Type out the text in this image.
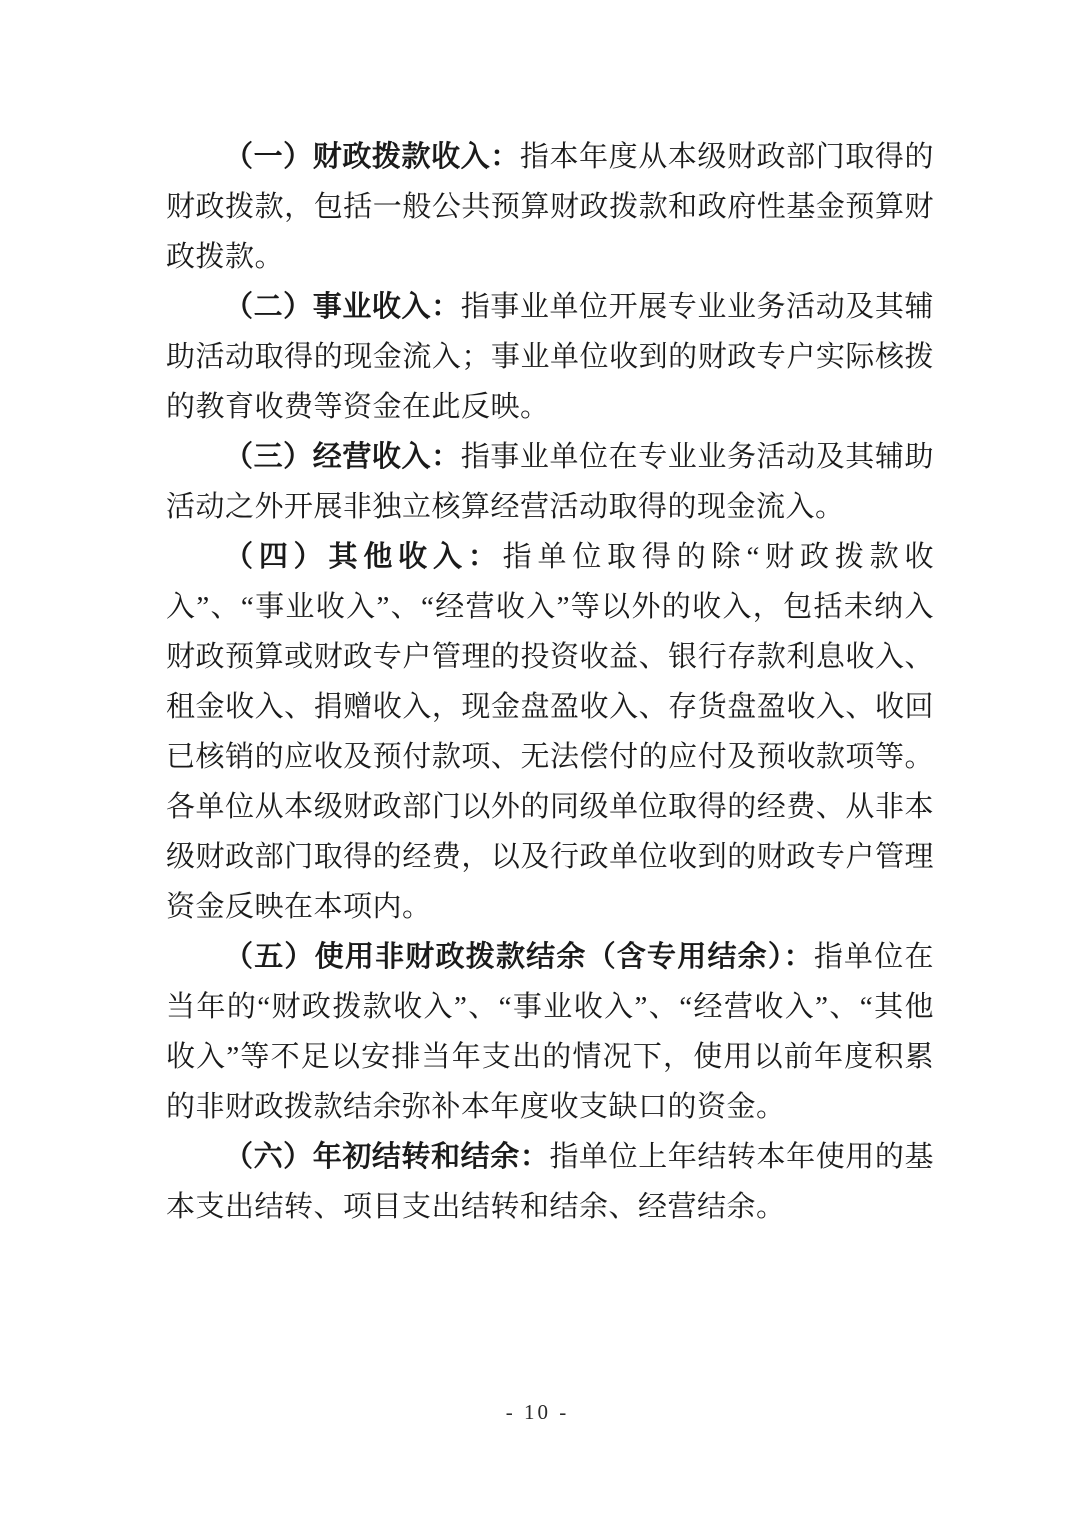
（一）财政拨款收入：指本年度从本级财政部门取得的财政拨款，包括一般公共预算财政拨款和政府性基金预算财政拨款。

（二）事业收入：指事业单位开展专业业务活动及其辅助活动取得的现金流入；事业单位收到的财政专户实际核拨的教育收费等资金在此反映。

（三）经营收入：指事业单位在专业业务活动及其辅助活动之外开展非独立核算经营活动取得的现金流入。

（四）其他收入：指单位取得的除“财政拨款收入”、“事业收入”、“经营收入”等以外的收入，包括未纳入财政预算或财政专户管理的投资收益、银行存款利息收入、租金收入、捐赠收入，现金盘盈收入、存货盘盈收入、收回已核销的应收及预付款项、无法偿付的应付及预收款项等。各单位从本级财政部门以外的同级单位取得的经费、从非本级财政部门取得的经费，以及行政单位收到的财政专户管理资金反映在本项内。

（五）使用非财政拨款结余（含专用结余）：指单位在当年的“财政拨款收入”、“事业收入”、“经营收入”、“其他收入”等不足以安排当年支出的情况下，使用以前年度积累的非财政拨款结余弥补本年度收支缺口的资金。

（六）年初结转和结余：指单位上年结转本年使用的基本支出结转、项目支出结转和结余、经营结余。

- 10 -
